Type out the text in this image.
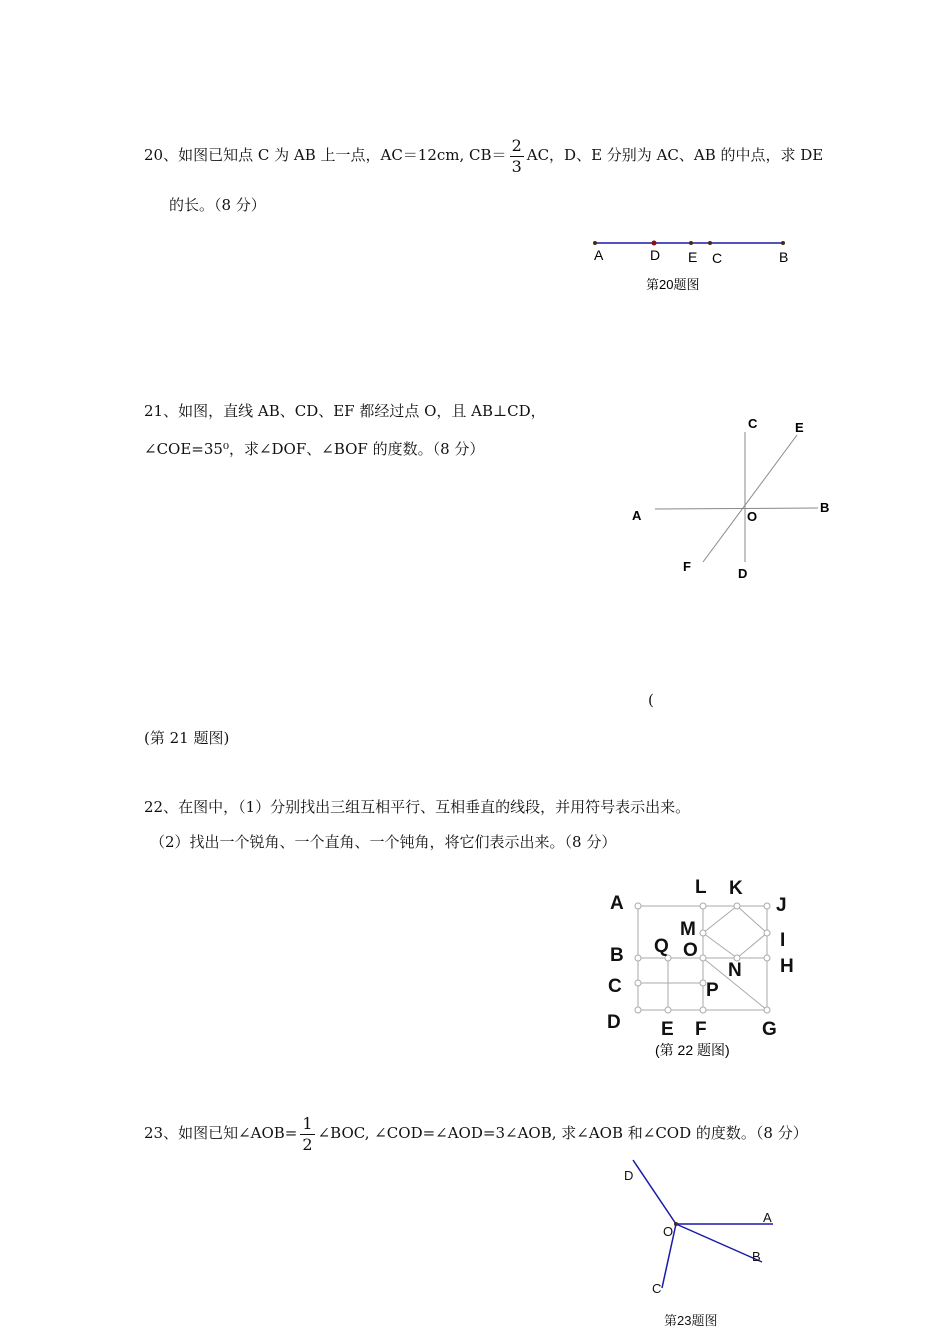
20、如图已知点 C 为 AB 上一点，AC＝12cm, $CB= \frac{2}{3}$ AC，D、E 分别为 AC、AB 的中点，求 DE
的长。（8 分）
A	D E C	B
第20题图
21、如图，直线 AB、CD、EF 都经过点 O，且 AB⊥CD，
∠COE=35⁰，求∠DOF、∠BOF 的度数。（8 分）
C	E
A	O
B
F	D
(
(第 21 题图)
22、在图中，（1）分别找出三组互相平行、互相垂直的线段，并用符号表示出来。
（2）找出一个锐角、一个直角、一个钝角，将它们表示出来。（8 分）
A
L K
J
M
I
B Q O
H
N
C	P
D E F	G
(第 22 题图)
23、如图已知∠AOB= $\frac{1}{2}$ ∠BOC, ∠COD=∠AOD=3∠AOB, 求∠AOB 和∠COD 的度数。（8 分）
D
A
O
B
C
第23题图
